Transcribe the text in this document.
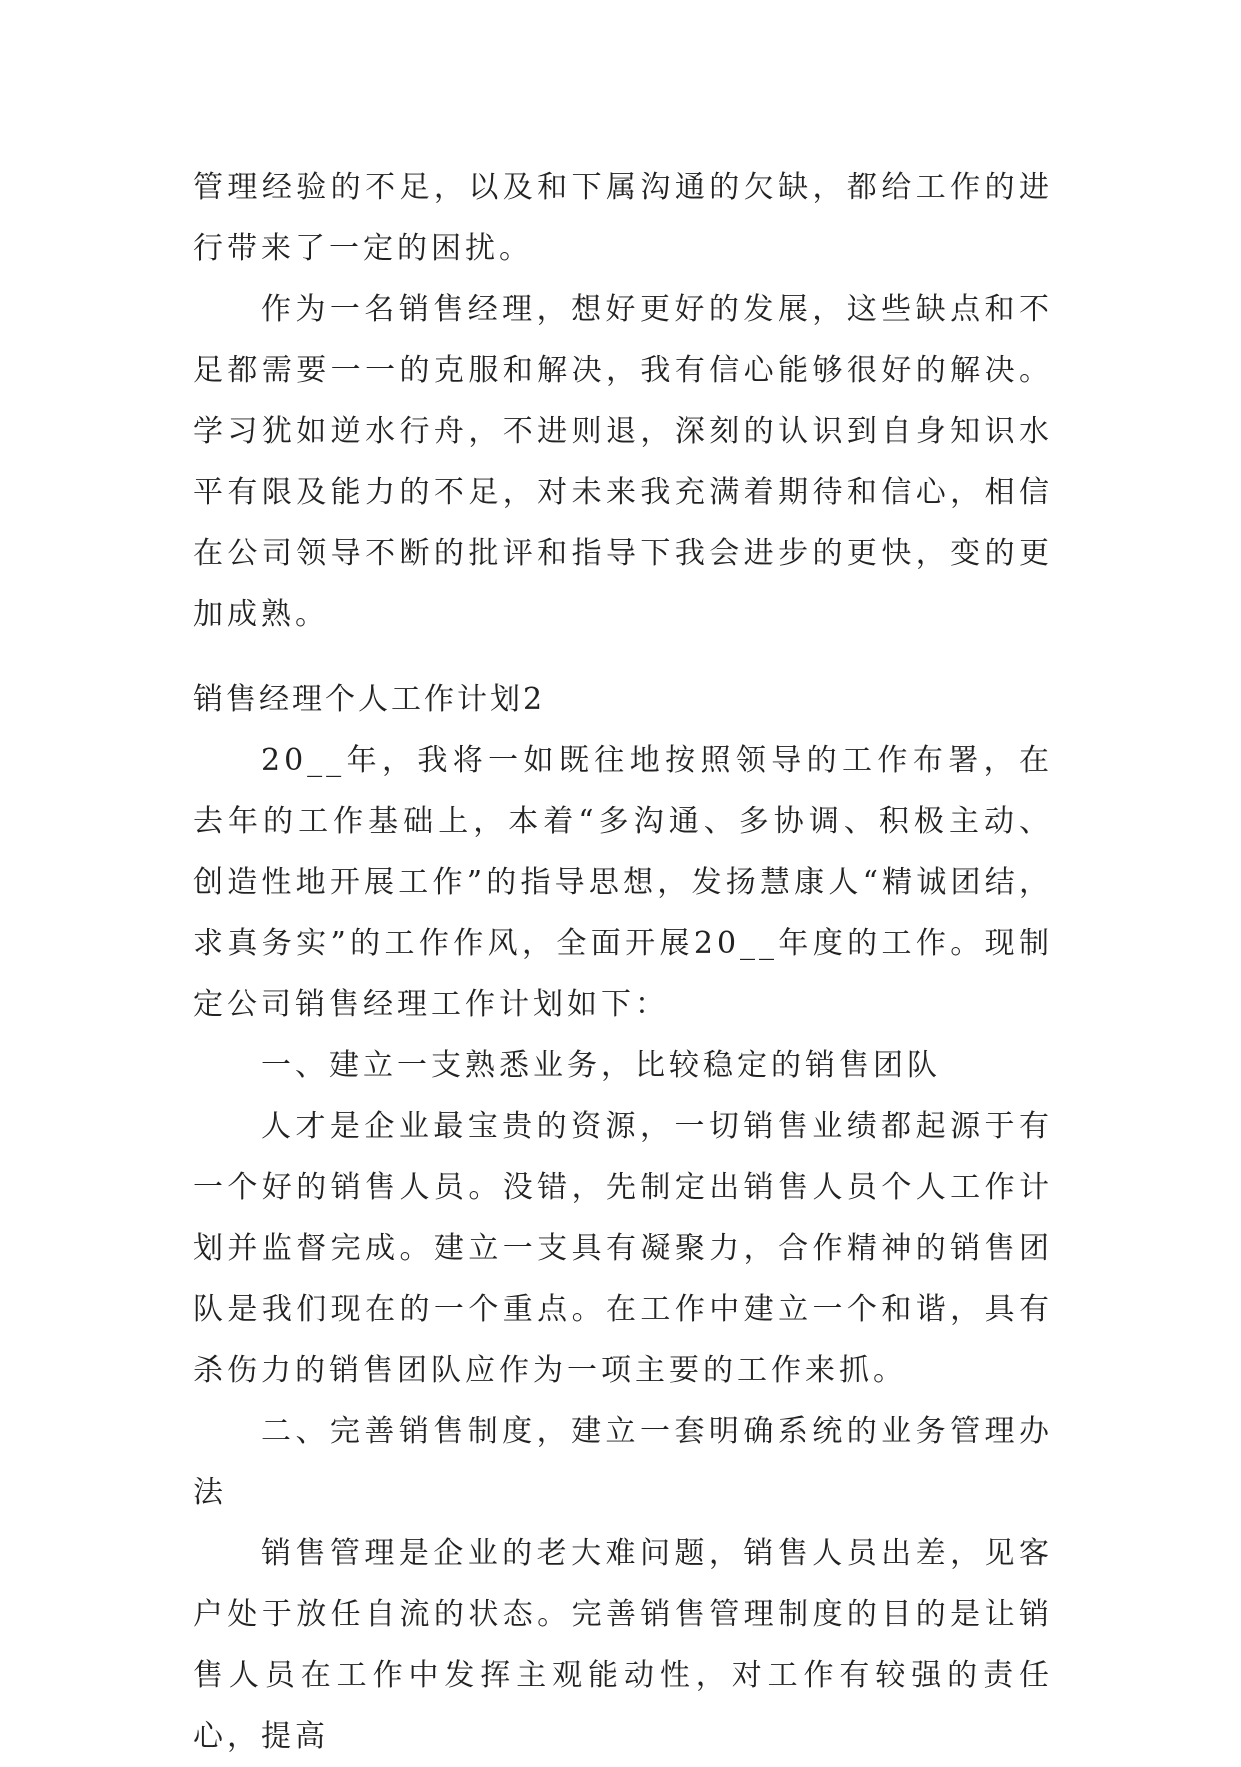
管理经验的不足，以及和下属沟通的欠缺，都给工作的进行带来了一定的困扰。

作为一名销售经理，想好更好的发展，这些缺点和不足都需要一一的克服和解决，我有信心能够很好的解决。学习犹如逆水行舟，不进则退，深刻的认识到自身知识水平有限及能力的不足，对未来我充满着期待和信心，相信在公司领导不断的批评和指导下我会进步的更快，变的更加成熟。

销售经理个人工作计划2

20__年，我将一如既往地按照领导的工作布署，在去年的工作基础上，本着“多沟通、多协调、积极主动、创造性地开展工作”的指导思想，发扬慧康人“精诚团结，求真务实”的工作作风，全面开展20__年度的工作。现制定公司销售经理工作计划如下：

一、建立一支熟悉业务，比较稳定的销售团队

人才是企业最宝贵的资源，一切销售业绩都起源于有一个好的销售人员。没错，先制定出销售人员个人工作计划并监督完成。建立一支具有凝聚力，合作精神的销售团队是我们现在的一个重点。在工作中建立一个和谐，具有杀伤力的销售团队应作为一项主要的工作来抓。

二、完善销售制度，建立一套明确系统的业务管理办法

销售管理是企业的老大难问题，销售人员出差，见客户处于放任自流的状态。完善销售管理制度的目的是让销售人员在工作中发挥主观能动性，对工作有较强的责任心，提高
